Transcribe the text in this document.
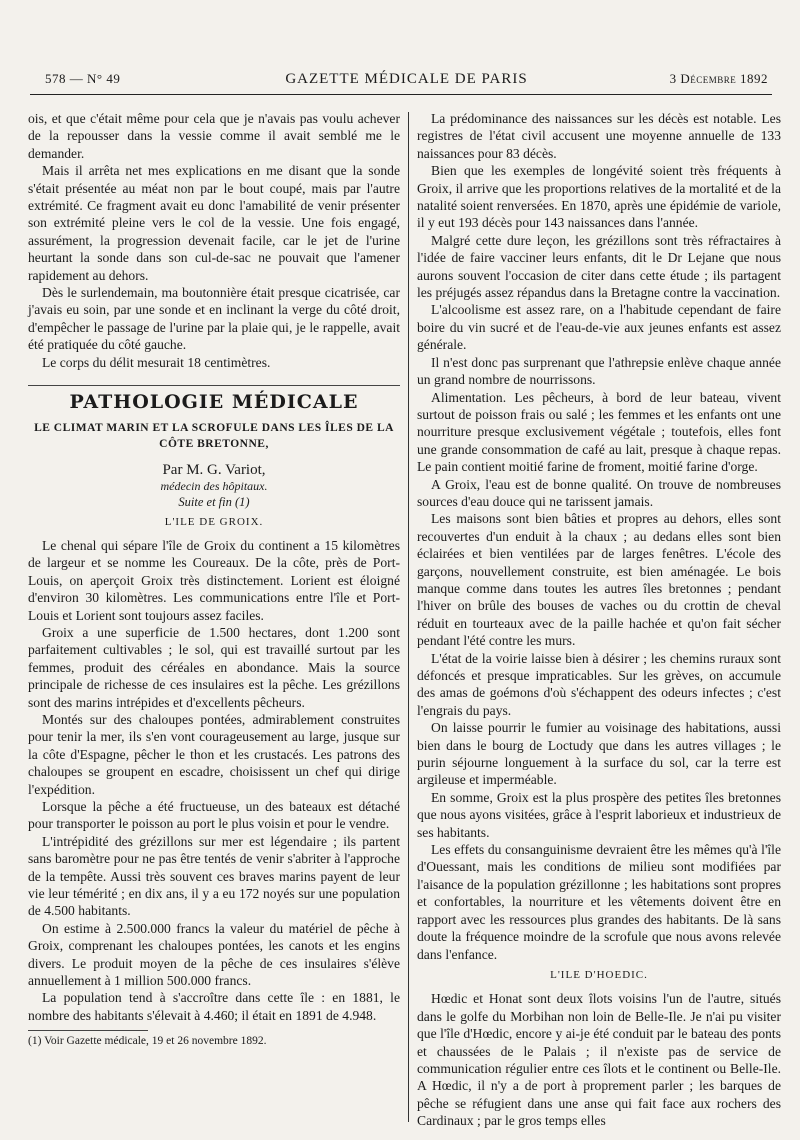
578 — N° 49	GAZETTE MÉDICALE DE PARIS	3 Décembre 1892

ois, et que c'était même pour cela que je n'avais pas voulu achever de la repousser dans la vessie comme il avait semblé me le demander.

Mais il arrêta net mes explications en me disant que la sonde s'était présentée au méat non par le bout coupé, mais par l'autre extrémité. Ce fragment avait eu donc l'amabilité de venir présenter son extrémité pleine vers le col de la vessie. Une fois engagé, assurément, la progression devenait facile, car le jet de l'urine heurtant la sonde dans son cul-de-sac ne pouvait que l'amener rapidement au dehors.

Dès le surlendemain, ma boutonnière était presque cicatrisée, car j'avais eu soin, par une sonde et en inclinant la verge du côté droit, d'empêcher le passage de l'urine par la plaie qui, je le rappelle, avait été pratiquée du côté gauche.

Le corps du délit mesurait 18 centimètres.

PATHOLOGIE MÉDICALE
LE CLIMAT MARIN ET LA SCROFULE DANS LES ÎLES DE LA CÔTE BRETONNE,
Par M. G. Variot,
médecin des hôpitaux.
Suite et fin (1)
L'ILE DE GROIX.

Le chenal qui sépare l'île de Groix du continent a 15 kilomètres de largeur et se nomme les Coureaux. De la côte, près de Port-Louis, on aperçoit Groix très distinctement. Lorient est éloigné d'environ 30 kilomètres. Les communications entre l'île et Port-Louis et Lorient sont toujours assez faciles.

Groix a une superficie de 1.500 hectares, dont 1.200 sont parfaitement cultivables ; le sol, qui est travaillé surtout par les femmes, produit des céréales en abondance. Mais la source principale de richesse de ces insulaires est la pêche. Les grézillons sont des marins intrépides et d'excellents pêcheurs.

Montés sur des chaloupes pontées, admirablement construites pour tenir la mer, ils s'en vont courageusement au large, jusque sur la côte d'Espagne, pêcher le thon et les crustacés. Les patrons des chaloupes se groupent en escadre, choisissent un chef qui dirige l'expédition.

Lorsque la pêche a été fructueuse, un des bateaux est détaché pour transporter le poisson au port le plus voisin et pour le vendre.

L'intrépidité des grézillons sur mer est légendaire ; ils partent sans baromètre pour ne pas être tentés de venir s'abriter à l'approche de la tempête. Aussi très souvent ces braves marins payent de leur vie leur témérité ; en dix ans, il y a eu 172 noyés sur une population de 4.500 habitants.

On estime à 2.500.000 francs la valeur du matériel de pêche à Groix, comprenant les chaloupes pontées, les canots et les engins divers. Le produit moyen de la pêche de ces insulaires s'élève annuellement à 1 million 500.000 francs.

La population tend à s'accroître dans cette île : en 1881, le nombre des habitants s'élevait à 4.460; il était en 1891 de 4.948.

(1) Voir Gazette médicale, 19 et 26 novembre 1892.

La prédominance des naissances sur les décès est notable. Les registres de l'état civil accusent une moyenne annuelle de 133 naissances pour 83 décès.

Bien que les exemples de longévité soient très fréquents à Groix, il arrive que les proportions relatives de la mortalité et de la natalité soient renversées. En 1870, après une épidémie de variole, il y eut 193 décès pour 143 naissances dans l'année.

Malgré cette dure leçon, les grézillons sont très réfractaires à l'idée de faire vacciner leurs enfants, dit le Dr Lejane que nous aurons souvent l'occasion de citer dans cette étude ; ils partagent les préjugés assez répandus dans la Bretagne contre la vaccination.

L'alcoolisme est assez rare, on a l'habitude cependant de faire boire du vin sucré et de l'eau-de-vie aux jeunes enfants est assez générale.

Il n'est donc pas surprenant que l'athrepsie enlève chaque année un grand nombre de nourrissons.

Alimentation. Les pêcheurs, à bord de leur bateau, vivent surtout de poisson frais ou salé ; les femmes et les enfants ont une nourriture presque exclusivement végétale ; toutefois, elles font une grande consommation de café au lait, presque à chaque repas. Le pain contient moitié farine de froment, moitié farine d'orge.

A Groix, l'eau est de bonne qualité. On trouve de nombreuses sources d'eau douce qui ne tarissent jamais.

Les maisons sont bien bâties et propres au dehors, elles sont recouvertes d'un enduit à la chaux ; au dedans elles sont bien éclairées et bien ventilées par de larges fenêtres. L'école des garçons, nouvellement construite, est bien aménagée. Le bois manque comme dans toutes les autres îles bretonnes ; pendant l'hiver on brûle des bouses de vaches ou du crottin de cheval réduit en tourteaux avec de la paille hachée et qu'on fait sécher pendant l'été contre les murs.

L'état de la voirie laisse bien à désirer ; les chemins ruraux sont défoncés et presque impraticables. Sur les grèves, on accumule des amas de goémons d'où s'échappent des odeurs infectes ; c'est l'engrais du pays.

On laisse pourrir le fumier au voisinage des habitations, aussi bien dans le bourg de Loctudy que dans les autres villages ; le purin séjourne longuement à la surface du sol, car la terre est argileuse et imperméable.

En somme, Groix est la plus prospère des petites îles bretonnes que nous ayons visitées, grâce à l'esprit laborieux et industrieux de ses habitants.

Les effets du consanguinisme devraient être les mêmes qu'à l'île d'Ouessant, mais les conditions de milieu sont modifiées par l'aisance de la population grézillonne ; les habitations sont propres et confortables, la nourriture et les vêtements doivent être en rapport avec les ressources plus grandes des habitants. De là sans doute la fréquence moindre de la scrofule que nous avons relevée dans l'enfance.

L'ILE D'HOEDIC.

Hœdic et Honat sont deux îlots voisins l'un de l'autre, situés dans le golfe du Morbihan non loin de Belle-Ile. Je n'ai pu visiter que l'île d'Hœdic, encore y ai-je été conduit par le bateau des ponts et chaussées de le Palais ; il n'existe pas de service de communication régulier entre ces îlots et le continent ou Belle-Ile. A Hœdic, il n'y a de port à proprement parler ; les barques de pêche se réfugient dans une anse qui fait face aux rochers des Cardinaux ; par le gros temps elles
